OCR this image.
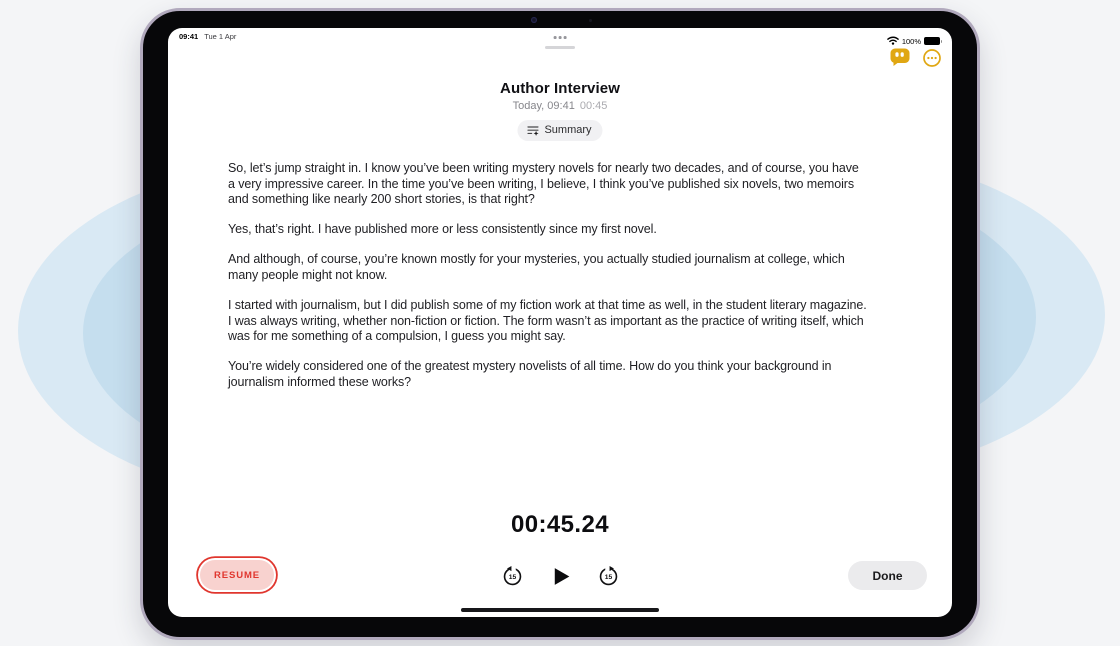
09:41 Tue 1 Apr	100%
Author Interview
Today, 09:41 00:45
Summary

So, let’s jump straight in. I know you’ve been writing mystery novels for nearly two decades, and of course, you have a very impressive career. In the time you’ve been writing, I believe, I think you’ve published six novels, two memoirs and something like nearly 200 short stories, is that right?

Yes, that’s right. I have published more or less consistently since my first novel.

And although, of course, you’re known mostly for your mysteries, you actually studied journalism at college, which many people might not know.

I started with journalism, but I did publish some of my fiction work at that time as well, in the student literary magazine. I was always writing, whether non-fiction or fiction. The form wasn’t as important as the practice of writing itself, which was for me something of a compulsion, I guess you might say.

You’re widely considered one of the greatest mystery novelists of all time. How do you think your background in journalism informed these works?

00:45.24
15	15
RESUME	Done
